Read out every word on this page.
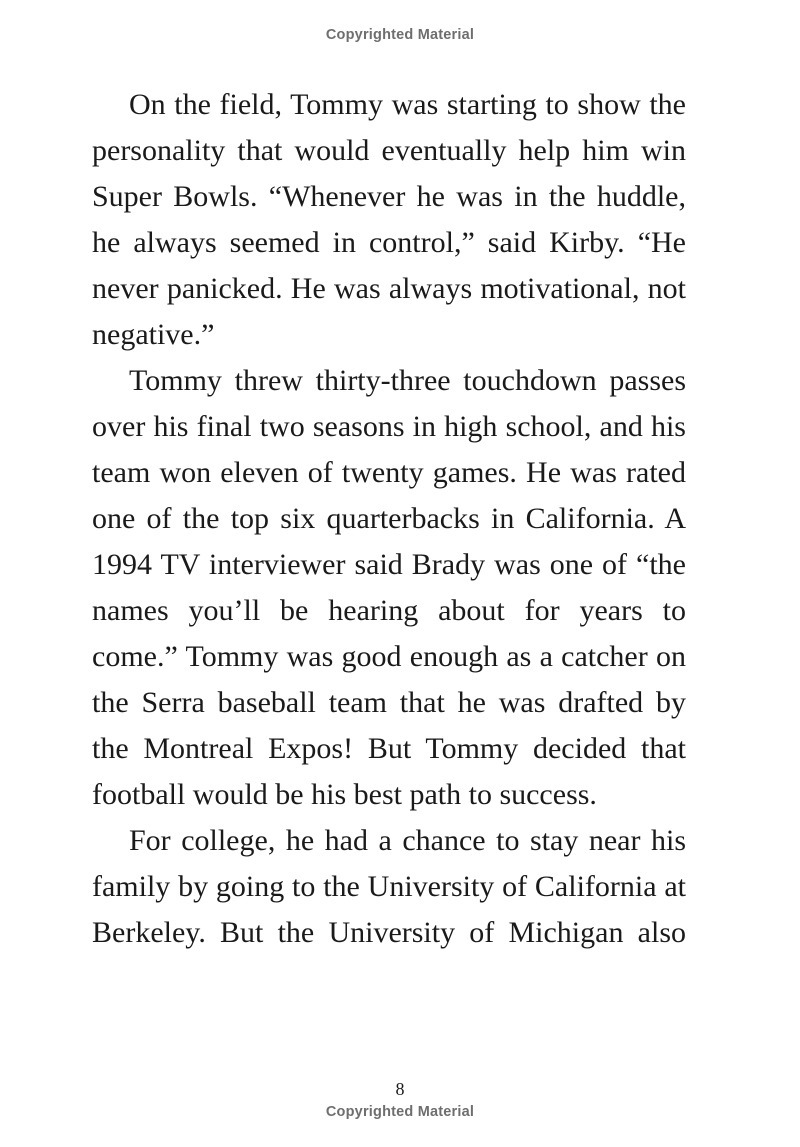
Copyrighted Material

On the field, Tommy was starting to show the personality that would eventually help him win Super Bowls. “Whenever he was in the huddle, he always seemed in control,” said Kirby. “He never panicked. He was always motivational, not negative.”

Tommy threw thirty-three touchdown passes over his final two seasons in high school, and his team won eleven of twenty games. He was rated one of the top six quarterbacks in California. A 1994 TV interviewer said Brady was one of “the names you’ll be hearing about for years to come.” Tommy was good enough as a catcher on the Serra baseball team that he was drafted by the Montreal Expos! But Tommy decided that football would be his best path to success.

For college, he had a chance to stay near his family by going to the University of California at Berkeley. But the University of Michigan also

8
Copyrighted Material
